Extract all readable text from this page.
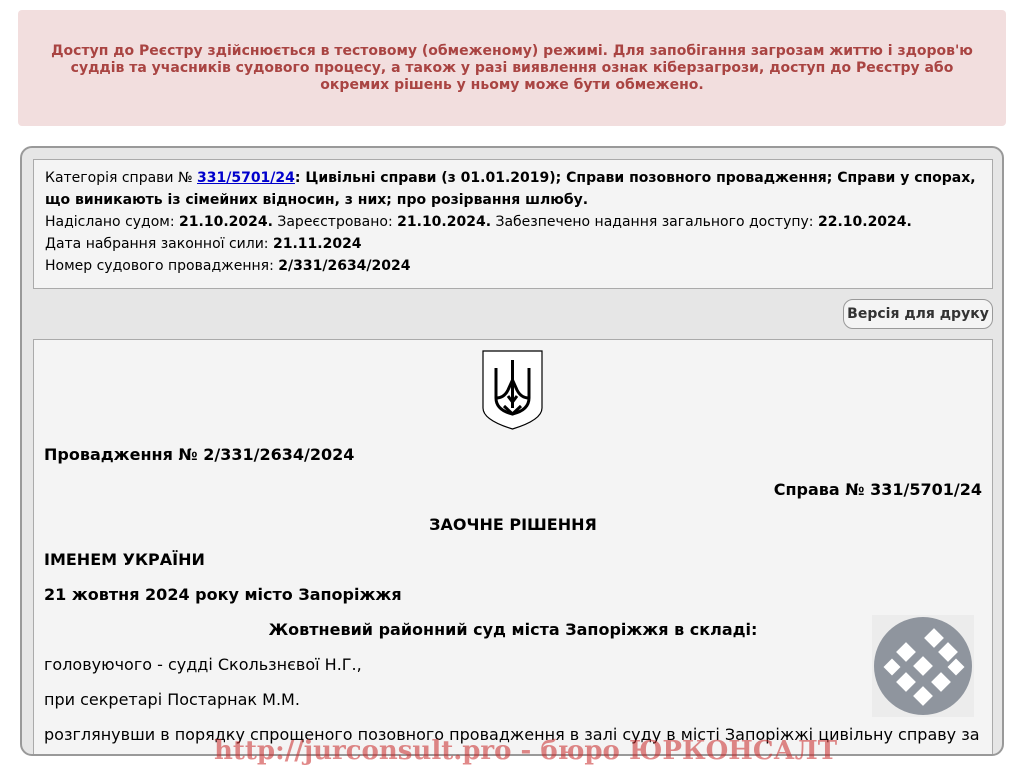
Доступ до Реєстру здійснюється в тестовому (обмеженому) режимі. Для запобігання загрозам життю і здоров'ю суддів та учасників судового процесу, а також у разі виявлення ознак кіберзагрози, доступ до Реєстру або окремих рішень у ньому може бути обмежено.

Категорія справи № 331/5701/24: Цивільні справи (з 01.01.2019); Справи позовного провадження; Справи у спорах, що виникають із сімейних відносин, з них; про розірвання шлюбу.

Надіслано судом: 21.10.2024. Зареєстровано: 21.10.2024. Забезпечено надання загального доступу: 22.10.2024.

Дата набрання законної сили: 21.11.2024

Номер судового провадження: 2/331/2634/2024

Версія для друку
Провадження № 2/331/2634/2024
Справа № 331/5701/24
ЗАОЧНЕ РІШЕННЯ
ІМЕНЕМ УКРАЇНИ
21 жовтня 2024 року місто Запоріжжя
Жовтневий районний суд міста Запоріжжя в складі:
головуючого - судді Скользнєвої Н.Г.,
при секретарі Постарнак М.М.
розглянувши в порядку спрощеного позовного провадження в залі суду в місті Запоріжжі цивільну справу за
http://jurconsult.pro - бюро ЮРКОНСАЛТ
